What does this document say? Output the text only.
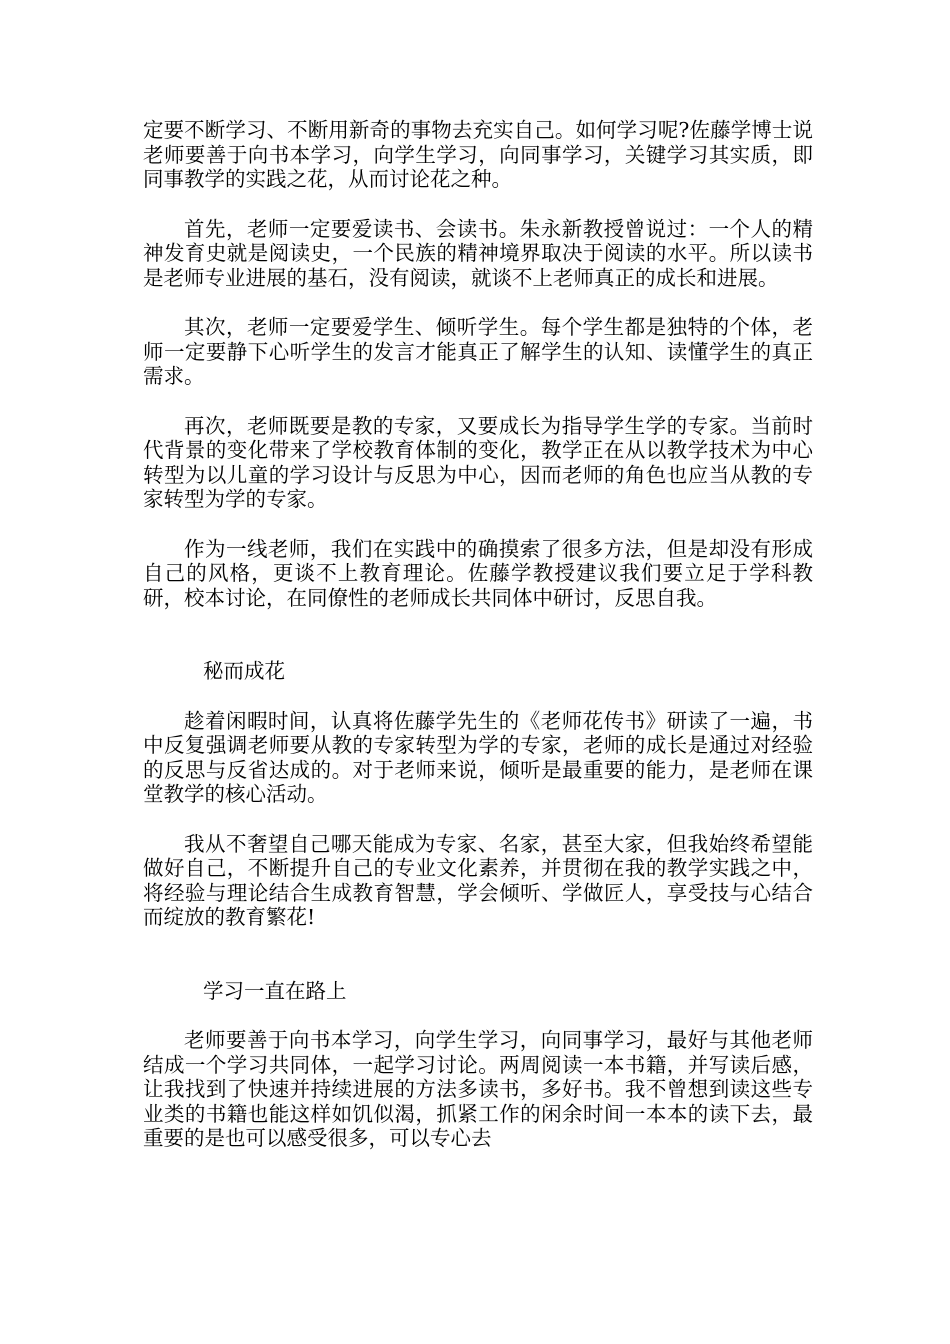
定要不断学习、不断用新奇的事物去充实自己。如何学习呢?佐藤学博士说老师要善于向书本学习，向学生学习，向同事学习，关键学习其实质，即同事教学的实践之花，从而讨论花之种。

首先，老师一定要爱读书、会读书。朱永新教授曾说过：一个人的精神发育史就是阅读史，一个民族的精神境界取决于阅读的水平。所以读书是老师专业进展的基石，没有阅读，就谈不上老师真正的成长和进展。

其次，老师一定要爱学生、倾听学生。每个学生都是独特的个体，老师一定要静下心听学生的发言才能真正了解学生的认知、读懂学生的真正需求。

再次，老师既要是教的专家，又要成长为指导学生学的专家。当前时代背景的变化带来了学校教育体制的变化，教学正在从以教学技术为中心转型为以儿童的学习设计与反思为中心，因而老师的角色也应当从教的专家转型为学的专家。

作为一线老师，我们在实践中的确摸索了很多方法，但是却没有形成自己的风格，更谈不上教育理论。佐藤学教授建议我们要立足于学科教研，校本讨论，在同僚性的老师成长共同体中研讨，反思自我。

秘而成花

趁着闲暇时间，认真将佐藤学先生的《老师花传书》研读了一遍，书中反复强调老师要从教的专家转型为学的专家，老师的成长是通过对经验的反思与反省达成的。对于老师来说，倾听是最重要的能力，是老师在课堂教学的核心活动。

我从不奢望自己哪天能成为专家、名家，甚至大家，但我始终希望能做好自己，不断提升自己的专业文化素养，并贯彻在我的教学实践之中，将经验与理论结合生成教育智慧，学会倾听、学做匠人，享受技与心结合而绽放的教育繁花!

学习一直在路上

老师要善于向书本学习，向学生学习，向同事学习，最好与其他老师结成一个学习共同体，一起学习讨论。两周阅读一本书籍，并写读后感，让我找到了快速并持续进展的方法多读书，多好书。我不曾想到读这些专业类的书籍也能这样如饥似渴，抓紧工作的闲余时间一本本的读下去，最重要的是也可以感受很多，可以专心去
